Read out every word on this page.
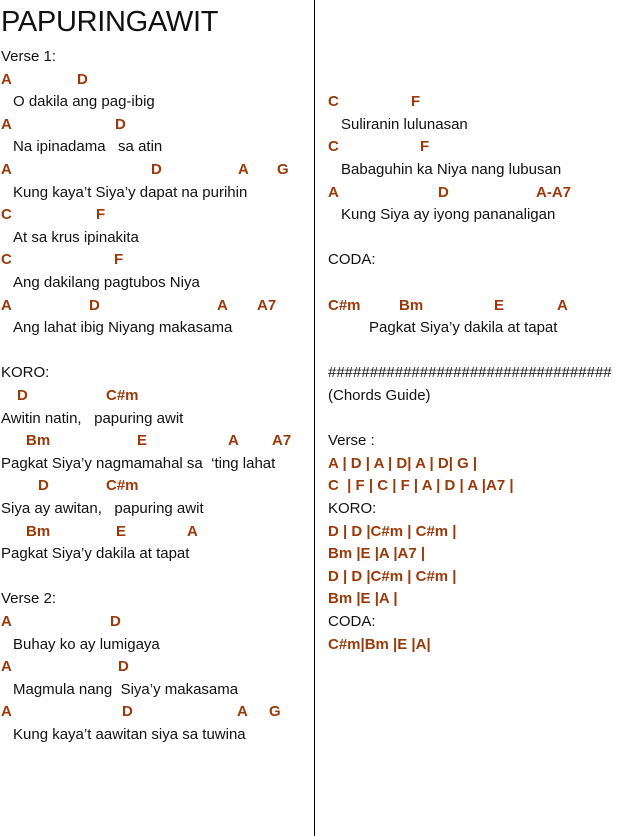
PAPURINGAWIT
Verse 1:
A	D
O dakila ang pag-ibig
A	D
Na ipinadama   sa atin
A	D	A G
Kung kaya’t Siya’y dapat na purihin
C	F
At sa krus ipinakita
C	F
Ang dakilang pagtubos Niya
A	D	A A7
Ang lahat ibig Niyang makasama
KORO:
D	C#m
Awitin natin,   papuring awit
Bm	E	A A7
Pagkat Siya’y nagmamahal sa  ‘ting lahat
D	C#m
Siya ay awitan,   papuring awit
Bm	E	A
Pagkat Siya’y dakila at tapat
Verse 2:
A	D
Buhay ko ay lumigaya
A	D
Magmula nang  Siya’y makasama
A	D	A G
Kung kaya’t aawitan siya sa tuwina
C	F
Suliranin lulunasan
C	F
Babaguhin ka Niya nang lubusan
A	D	A-A7
Kung Siya ay iyong pananaligan
CODA:
C#m	Bm	E	A
Pagkat Siya’y dakila at tapat
##################################
(Chords Guide)
Verse :
A | D | A | D| A | D| G |
C  | F | C | F | A | D | A |A7 |
KORO:
D | D |C#m | C#m |
Bm |E |A |A7 |
D | D |C#m | C#m |
Bm |E |A |
CODA:
C#m|Bm |E |A|
